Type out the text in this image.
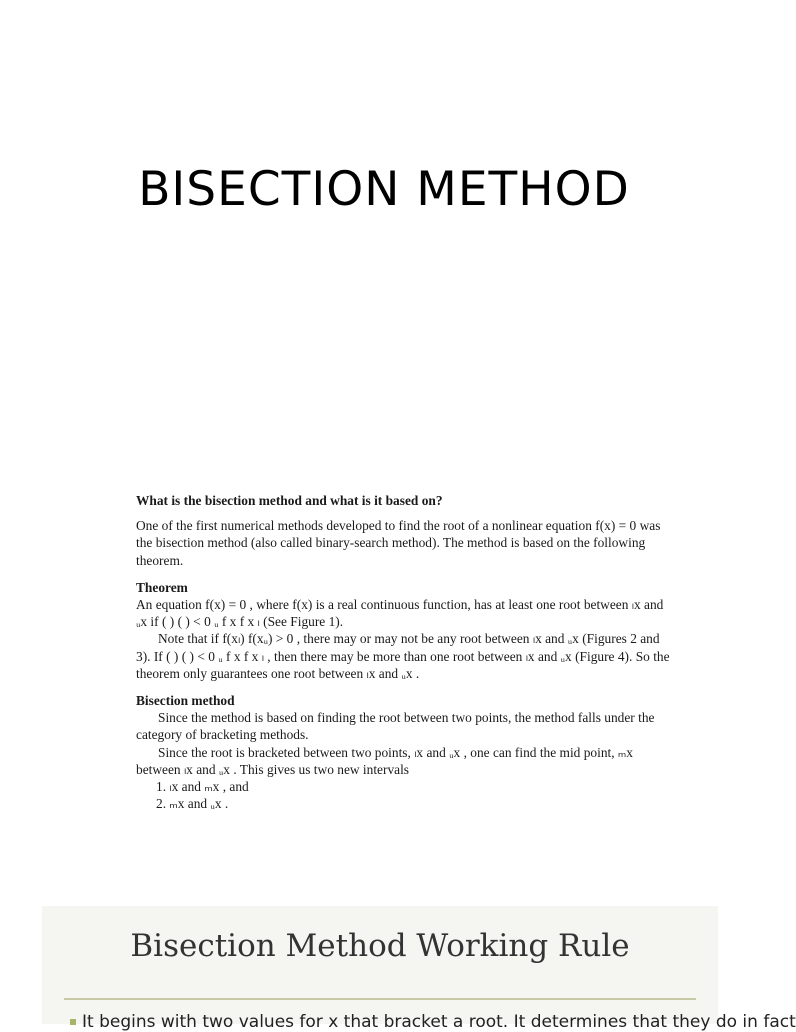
BISECTION METHOD

What is the bisection method and what is it based on?

One of the first numerical methods developed to find the root of a nonlinear equation f(x) = 0 was the bisection method (also called binary-search method). The method is based on the following theorem.

Theorem

An equation f(x) = 0 , where f(x) is a real continuous function, has at least one root between ₗx and ᵤx if ( ) ( ) < 0 ᵤ f x f x ₗ (See Figure 1).

Note that if f(xₗ) f(xᵤ) > 0 , there may or may not be any root between ₗx and ᵤx (Figures 2 and 3). If ( ) ( ) < 0 ᵤ f x f x ₗ , then there may be more than one root between ₗx and ᵤx (Figure 4). So the theorem only guarantees one root between ₗx and ᵤx .

Bisection method

Since the method is based on finding the root between two points, the method falls under the category of bracketing methods.

Since the root is bracketed between two points, ₗx and ᵤx , one can find the mid point, ₘx between ₗx and ᵤx . This gives us two new intervals

1. ₗx and ₘx , and
2. ₘx and ᵤx .
Bisection Method Working Rule
It begins with two values for x that bracket a root. It determines that they do in fact
